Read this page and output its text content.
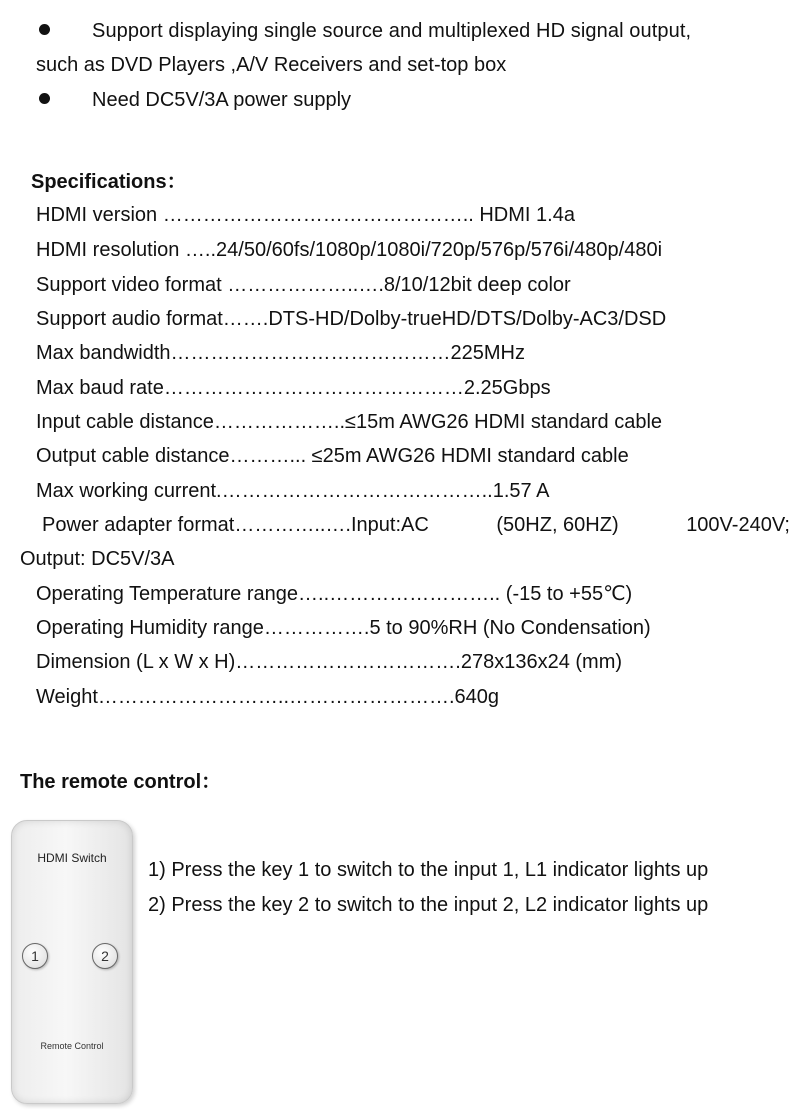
Support displaying single source and multiplexed HD signal output,
such as DVD Players ,A/V Receivers and set-top box
Need DC5V/3A power supply
Specifications：
HDMI version ……………………………………….. HDMI 1.4a
HDMI resolution …..24/50/60fs/1080p/1080i/720p/576p/576i/480p/480i
Support video format ………………..….8/10/12bit deep color
Support audio format…….DTS-HD/Dolby-trueHD/DTS/Dolby-AC3/DSD
Max bandwidth……………………………………225MHz
Max baud rate………………………………………2.25Gbps
Input cable distance………………..≤15m AWG26 HDMI standard cable
Output cable distance………... ≤25m AWG26 HDMI standard cable
Max working current.…………………………………..1.57 A
Power adapter format…………..….Input:AC	(50HZ, 60HZ)	100V-240V;
Output: DC5V/3A
Operating Temperature range…..…………………….. (-15 to +55℃)
Operating Humidity range…………….5 to 90%RH (No Condensation)
Dimension (L x W x H)…………………………….278x136x24 (mm)
Weight………………………..…………………….640g
The remote control：
HDMI Switch
1	2
Remote Control
1) Press the key 1 to switch to the input 1, L1 indicator lights up
2) Press the key 2 to switch to the input 2, L2 indicator lights up
